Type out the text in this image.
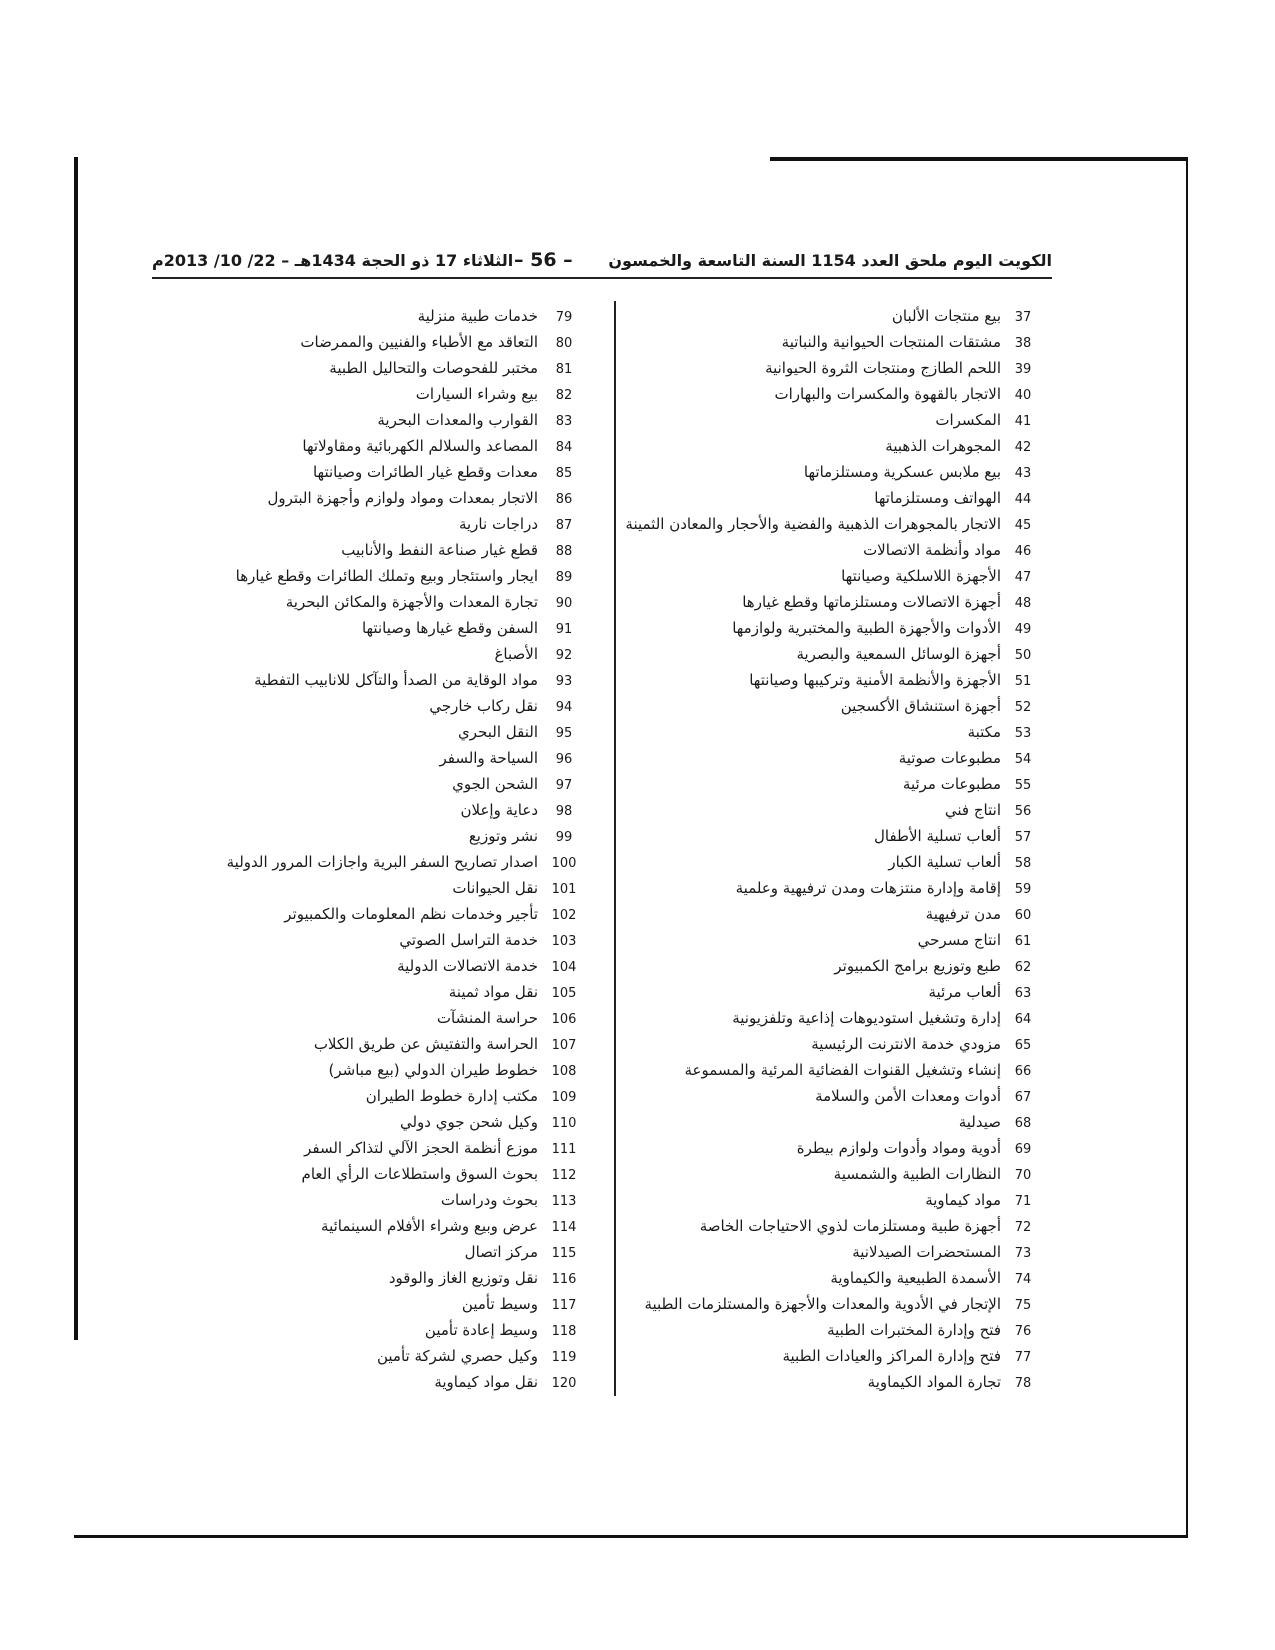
الكويت اليوم ملحق العدد 1154 السنة التاسعة والخمسون
– 56 –
الثلاثاء 17 ذو الحجة 1434هـ – 22/ 10/ 2013م
37
بيع منتجات الألبان
38
مشتقات المنتجات الحيوانية والنباتية
39
اللحم الطازج ومنتجات الثروة الحيوانية
40
الاتجار بالقهوة والمكسرات والبهارات
41
المكسرات
42
المجوهرات الذهبية
43
بيع ملابس عسكرية ومستلزماتها
44
الهواتف ومستلزماتها
45
الاتجار بالمجوهرات الذهبية والفضية والأحجار والمعادن الثمينة
46
مواد وأنظمة الاتصالات
47
الأجهزة اللاسلكية وصيانتها
48
أجهزة الاتصالات ومستلزماتها وقطع غيارها
49
الأدوات والأجهزة الطبية والمختبرية ولوازمها
50
أجهزة الوسائل السمعية والبصرية
51
الأجهزة والأنظمة الأمنية وتركيبها وصيانتها
52
أجهزة استنشاق الأكسجين
53
مكتبة
54
مطبوعات صوتية
55
مطبوعات مرئية
56
انتاج فني
57
ألعاب تسلية الأطفال
58
ألعاب تسلية الكبار
59
إقامة وإدارة منتزهات ومدن ترفيهية وعلمية
60
مدن ترفيهية
61
انتاج مسرحي
62
طبع وتوزيع برامج الكمبيوتر
63
ألعاب مرئية
64
إدارة وتشغيل استوديوهات إذاعية وتلفزيونية
65
مزودي خدمة الانترنت الرئيسية
66
إنشاء وتشغيل القنوات الفضائية المرئية والمسموعة
67
أدوات ومعدات الأمن والسلامة
68
صيدلية
69
أدوية ومواد وأدوات ولوازم بيطرة
70
النظارات الطبية والشمسية
71
مواد كيماوية
72
أجهزة طبية ومستلزمات لذوي الاحتياجات الخاصة
73
المستحضرات الصيدلانية
74
الأسمدة الطبيعية والكيماوية
75
الإتجار في الأدوية والمعدات والأجهزة والمستلزمات الطبية
76
فتح وإدارة المختبرات الطبية
77
فتح وإدارة المراكز والعيادات الطبية
78
تجارة المواد الكيماوية
79
خدمات طبية منزلية
80
التعاقد مع الأطباء والفنيين والممرضات
81
مختبر للفحوصات والتحاليل الطبية
82
بيع وشراء السيارات
83
القوارب والمعدات البحرية
84
المصاعد والسلالم الكهربائية ومقاولاتها
85
معدات وقطع غيار الطائرات وصيانتها
86
الاتجار بمعدات ومواد ولوازم وأجهزة البترول
87
دراجات نارية
88
قطع غيار صناعة النفط والأنابيب
89
ايجار واستئجار وبيع وتملك الطائرات وقطع غيارها
90
تجارة المعدات والأجهزة والمكائن البحرية
91
السفن وقطع غيارها وصيانتها
92
الأصباغ
93
مواد الوقاية من الصدأ والتآكل للانابيب التفطية
94
نقل ركاب خارجي
95
النقل البحري
96
السياحة والسفر
97
الشحن الجوي
98
دعاية وإعلان
99
نشر وتوزيع
100
اصدار تصاريح السفر البرية واجازات المرور الدولية
101
نقل الحيوانات
102
تأجير وخدمات نظم المعلومات والكمبيوتر
103
خدمة التراسل الصوتي
104
خدمة الاتصالات الدولية
105
نقل مواد ثمينة
106
حراسة المنشآت
107
الحراسة والتفتيش عن طريق الكلاب
108
خطوط طيران الدولي (بيع مباشر)
109
مكتب إدارة خطوط الطيران
110
وكيل شحن جوي دولي
111
موزع أنظمة الحجز الآلي لتذاكر السفر
112
بحوث السوق واستطلاعات الرأي العام
113
بحوث ودراسات
114
عرض وبيع وشراء الأفلام السينمائية
115
مركز اتصال
116
نقل وتوزيع الغاز والوقود
117
وسيط تأمين
118
وسيط إعادة تأمين
119
وكيل حصري لشركة تأمين
120
نقل مواد كيماوية
